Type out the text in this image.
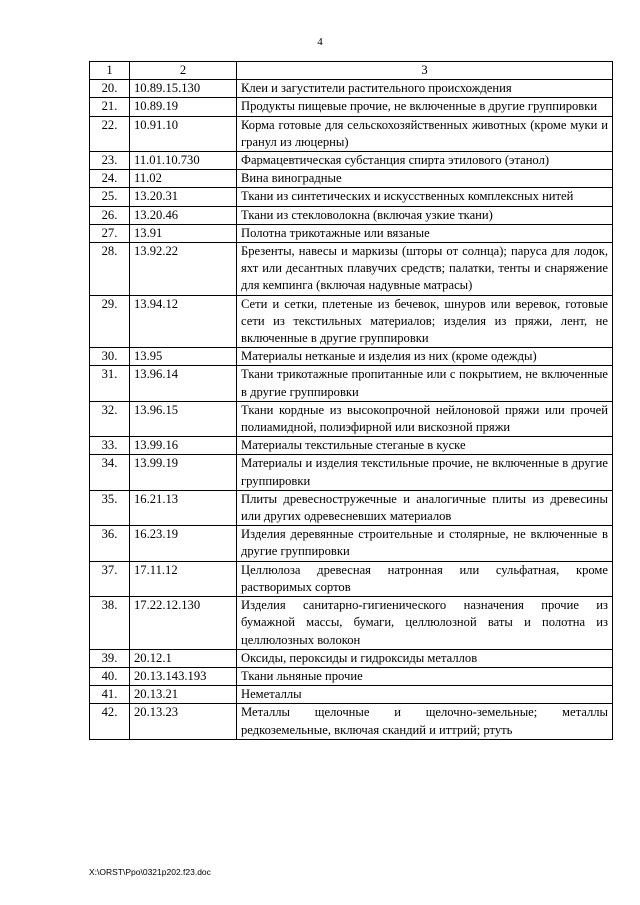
4
1	2	3
20.	10.89.15.130	Клеи и загустители растительного происхождения
21.	10.89.19	Продукты пищевые прочие, не включенные в другие группировки
22.	10.91.10	Корма готовые для сельскохозяйственных животных (кроме муки и гранул из люцерны)
23.	11.01.10.730	Фармацевтическая субстанция спирта этилового (этанол)
24.	11.02	Вина виноградные
25.	13.20.31	Ткани из синтетических и искусственных комплексных нитей
26.	13.20.46	Ткани из стекловолокна (включая узкие ткани)
27.	13.91	Полотна трикотажные или вязаные
28.	13.92.22	Брезенты, навесы и маркизы (шторы от солнца); паруса для лодок, яхт или десантных плавучих средств; палатки, тенты и снаряжение для кемпинга (включая надувные матрасы)
29.	13.94.12	Сети и сетки, плетеные из бечевок, шнуров или веревок, готовые сети из текстильных материалов; изделия из пряжи, лент, не включенные в другие группировки
30.	13.95	Материалы нетканые и изделия из них (кроме одежды)
31.	13.96.14	Ткани трикотажные пропитанные или с покрытием, не включенные в другие группировки
32.	13.96.15	Ткани кордные из высокопрочной нейлоновой пряжи или прочей полиамидной, полиэфирной или вискозной пряжи
33.	13.99.16	Материалы текстильные стеганые в куске
34.	13.99.19	Материалы и изделия текстильные прочие, не включенные в другие группировки
35.	16.21.13	Плиты древесностружечные и аналогичные плиты из древесины или других одревесневших материалов
36.	16.23.19	Изделия деревянные строительные и столярные, не включенные в другие группировки
37.	17.11.12	Целлюлоза древесная натронная или сульфатная, кроме растворимых сортов
38.	17.22.12.130	Изделия санитарно-гигиенического назначения прочие из бумажной массы, бумаги, целлюлозной ваты и полотна из целлюлозных волокон
39.	20.12.1	Оксиды, пероксиды и гидроксиды металлов
40.	20.13.143.193	Ткани льняные прочие
41.	20.13.21	Неметаллы
42.	20.13.23	Металлы щелочные и щелочно-земельные; металлы редкоземельные, включая скандий и иттрий; ртуть
X:\ORST\Ppo\0321p202.f23.doc
